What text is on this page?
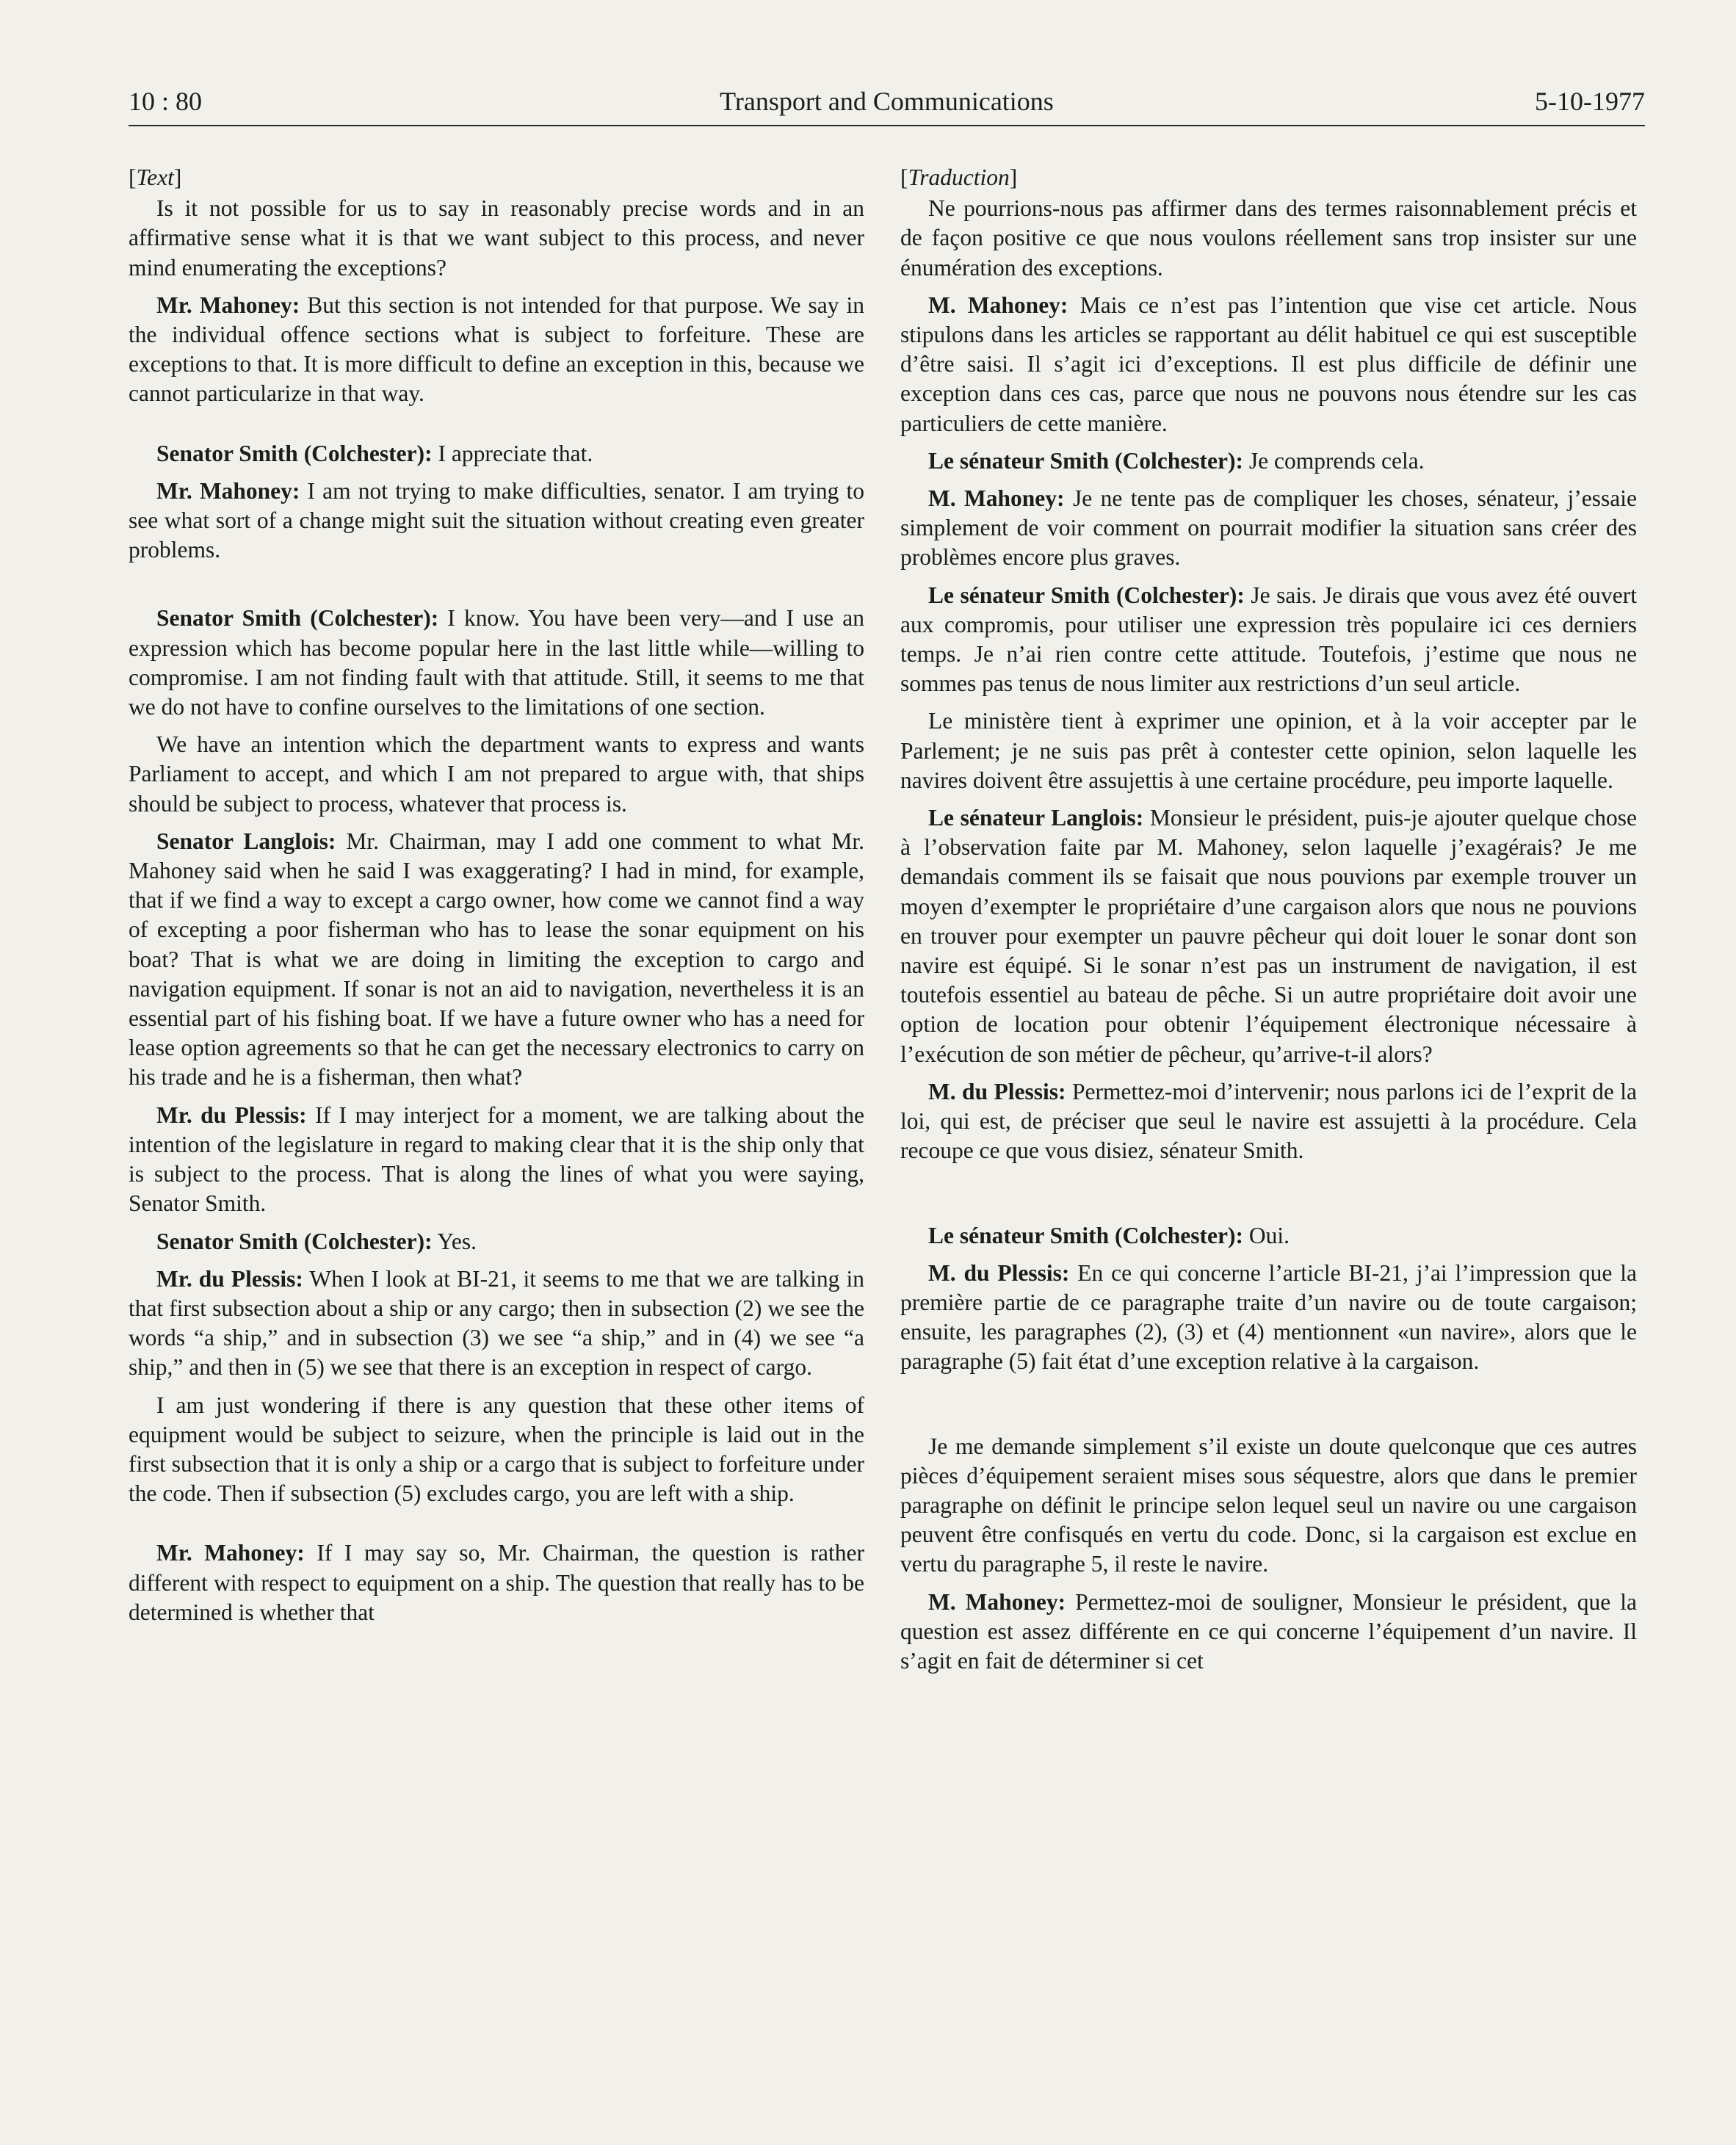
10 : 80	Transport and Communications	5-10-1977

[Text]

Is it not possible for us to say in reasonably precise words and in an affirmative sense what it is that we want subject to this process, and never mind enumerating the exceptions?

Mr. Mahoney: But this section is not intended for that purpose. We say in the individual offence sections what is subject to forfeiture. These are exceptions to that. It is more difficult to define an exception in this, because we cannot particularize in that way.

Senator Smith (Colchester): I appreciate that.

Mr. Mahoney: I am not trying to make difficulties, senator. I am trying to see what sort of a change might suit the situation without creating even greater problems.

Senator Smith (Colchester): I know. You have been very—and I use an expression which has become popular here in the last little while—willing to compromise. I am not finding fault with that attitude. Still, it seems to me that we do not have to confine ourselves to the limitations of one section.

We have an intention which the department wants to express and wants Parliament to accept, and which I am not prepared to argue with, that ships should be subject to process, whatever that process is.

Senator Langlois: Mr. Chairman, may I add one comment to what Mr. Mahoney said when he said I was exaggerating? I had in mind, for example, that if we find a way to except a cargo owner, how come we cannot find a way of excepting a poor fisherman who has to lease the sonar equipment on his boat? That is what we are doing in limiting the exception to cargo and navigation equipment. If sonar is not an aid to navigation, nevertheless it is an essential part of his fishing boat. If we have a future owner who has a need for lease option agreements so that he can get the necessary electronics to carry on his trade and he is a fisherman, then what?

Mr. du Plessis: If I may interject for a moment, we are talking about the intention of the legislature in regard to making clear that it is the ship only that is subject to the process. That is along the lines of what you were saying, Senator Smith.

Senator Smith (Colchester): Yes.

Mr. du Plessis: When I look at BI-21, it seems to me that we are talking in that first subsection about a ship or any cargo; then in subsection (2) we see the words “a ship,” and in subsection (3) we see “a ship,” and in (4) we see “a ship,” and then in (5) we see that there is an exception in respect of cargo.

I am just wondering if there is any question that these other items of equipment would be subject to seizure, when the principle is laid out in the first subsection that it is only a ship or a cargo that is subject to forfeiture under the code. Then if subsection (5) excludes cargo, you are left with a ship.

Mr. Mahoney: If I may say so, Mr. Chairman, the question is rather different with respect to equipment on a ship. The question that really has to be determined is whether that

[Traduction]

Ne pourrions-nous pas affirmer dans des termes raisonnablement précis et de façon positive ce que nous voulons réellement sans trop insister sur une énumération des exceptions.

M. Mahoney: Mais ce n’est pas l’intention que vise cet article. Nous stipulons dans les articles se rapportant au délit habituel ce qui est susceptible d’être saisi. Il s’agit ici d’exceptions. Il est plus difficile de définir une exception dans ces cas, parce que nous ne pouvons nous étendre sur les cas particuliers de cette manière.

Le sénateur Smith (Colchester): Je comprends cela.

M. Mahoney: Je ne tente pas de compliquer les choses, sénateur, j’essaie simplement de voir comment on pourrait modifier la situation sans créer des problèmes encore plus graves.

Le sénateur Smith (Colchester): Je sais. Je dirais que vous avez été ouvert aux compromis, pour utiliser une expression très populaire ici ces derniers temps. Je n’ai rien contre cette attitude. Toutefois, j’estime que nous ne sommes pas tenus de nous limiter aux restrictions d’un seul article.

Le ministère tient à exprimer une opinion, et à la voir accepter par le Parlement; je ne suis pas prêt à contester cette opinion, selon laquelle les navires doivent être assujettis à une certaine procédure, peu importe laquelle.

Le sénateur Langlois: Monsieur le président, puis-je ajouter quelque chose à l’observation faite par M. Mahoney, selon laquelle j’exagérais? Je me demandais comment ils se faisait que nous pouvions par exemple trouver un moyen d’exempter le propriétaire d’une cargaison alors que nous ne pouvions en trouver pour exempter un pauvre pêcheur qui doit louer le sonar dont son navire est équipé. Si le sonar n’est pas un instrument de navigation, il est toutefois essentiel au bateau de pêche. Si un autre propriétaire doit avoir une option de location pour obtenir l’équipement électronique nécessaire à l’exécution de son métier de pêcheur, qu’arrive-t-il alors?

M. du Plessis: Permettez-moi d’intervenir; nous parlons ici de l’exprit de la loi, qui est, de préciser que seul le navire est assujetti à la procédure. Cela recoupe ce que vous disiez, sénateur Smith.

Le sénateur Smith (Colchester): Oui.

M. du Plessis: En ce qui concerne l’article BI-21, j’ai l’impression que la première partie de ce paragraphe traite d’un navire ou de toute cargaison; ensuite, les paragraphes (2), (3) et (4) mentionnent «un navire», alors que le paragraphe (5) fait état d’une exception relative à la cargaison.

Je me demande simplement s’il existe un doute quelconque que ces autres pièces d’équipement seraient mises sous séquestre, alors que dans le premier paragraphe on définit le principe selon lequel seul un navire ou une cargaison peuvent être confisqués en vertu du code. Donc, si la cargaison est exclue en vertu du paragraphe 5, il reste le navire.

M. Mahoney: Permettez-moi de souligner, Monsieur le président, que la question est assez différente en ce qui concerne l’équipement d’un navire. Il s’agit en fait de déterminer si cet
